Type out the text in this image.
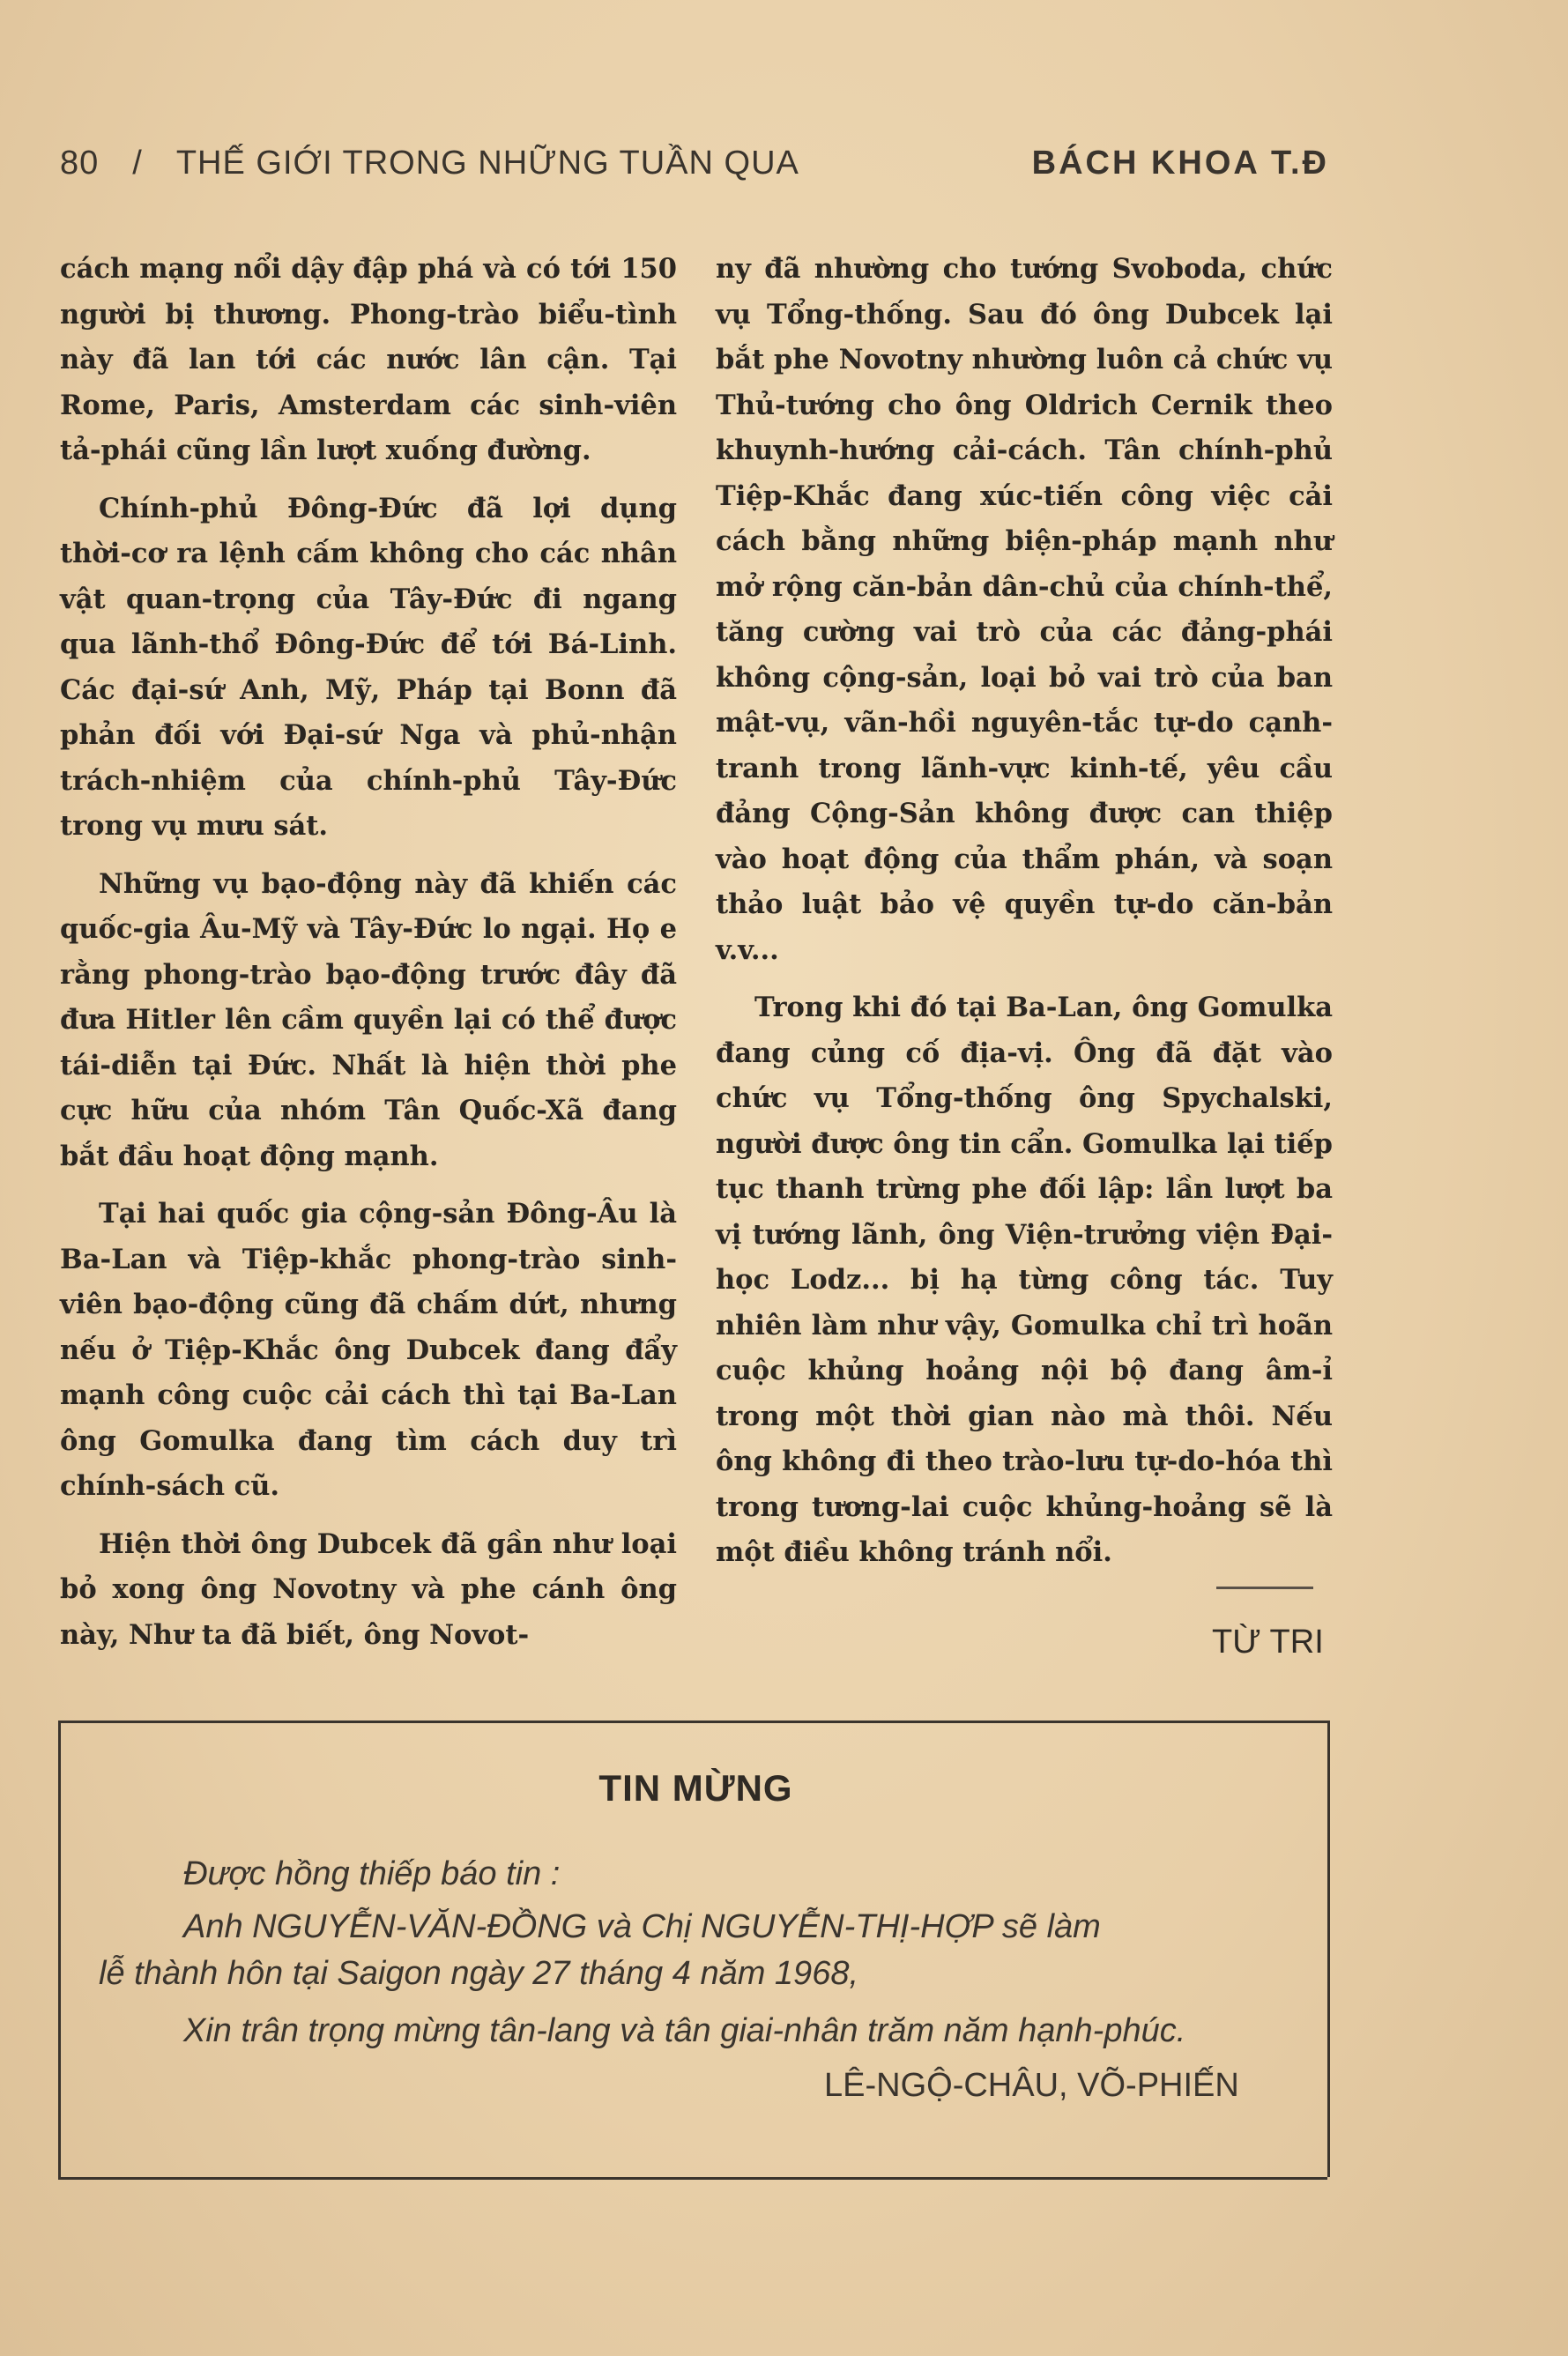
80 / THẾ GIỚI TRONG NHỮNG TUẦN QUA	BÁCH KHOA T.Đ

cách mạng nổi dậy đập phá và có tới 150 người bị thương. Phong-trào biểu-tình này đã lan tới các nước lân cận. Tại Rome, Paris, Amsterdam các sinh-viên tả-phái cũng lần lượt xuống đường.

Chính-phủ Đông-Đức đã lợi dụng thời-cơ ra lệnh cấm không cho các nhân vật quan-trọng của Tây-Đức đi ngang qua lãnh-thổ Đông-Đức để tới Bá-Linh. Các đại-sứ Anh, Mỹ, Pháp tại Bonn đã phản đối với Đại-sứ Nga và phủ-nhận trách-nhiệm của chính-phủ Tây-Đức trong vụ mưu sát.

Những vụ bạo-động này đã khiến các quốc-gia Âu-Mỹ và Tây-Đức lo ngại. Họ e rằng phong-trào bạo-động trước đây đã đưa Hitler lên cầm quyền lại có thể được tái-diễn tại Đức. Nhất là hiện thời phe cực hữu của nhóm Tân Quốc-Xã đang bắt đầu hoạt động mạnh.

Tại hai quốc gia cộng-sản Đông-Âu là Ba-Lan và Tiệp-khắc phong-trào sinh-viên bạo-động cũng đã chấm dứt, nhưng nếu ở Tiệp-Khắc ông Dubcek đang đẩy mạnh công cuộc cải cách thì tại Ba-Lan ông Gomulka đang tìm cách duy trì chính-sách cũ.

Hiện thời ông Dubcek đã gần như loại bỏ xong ông Novotny và phe cánh ông này, Như ta đã biết, ông Novot-

ny đã nhường cho tướng Svoboda, chức vụ Tổng-thống. Sau đó ông Dubcek lại bắt phe Novotny nhường luôn cả chức vụ Thủ-tướng cho ông Oldrich Cernik theo khuynh-hướng cải-cách. Tân chính-phủ Tiệp-Khắc đang xúc-tiến công việc cải cách bằng những biện-pháp mạnh như mở rộng căn-bản dân-chủ của chính-thể, tăng cường vai trò của các đảng-phái không cộng-sản, loại bỏ vai trò của ban mật-vụ, vãn-hồi nguyên-tắc tự-do cạnh-tranh trong lãnh-vực kinh-tế, yêu cầu đảng Cộng-Sản không được can thiệp vào hoạt động của thẩm phán, và soạn thảo luật bảo vệ quyền tự-do căn-bản v.v...

Trong khi đó tại Ba-Lan, ông Gomulka đang củng cố địa-vị. Ông đã đặt vào chức vụ Tổng-thống ông Spychalski, người được ông tin cẩn. Gomulka lại tiếp tục thanh trừng phe đối lập: lần lượt ba vị tướng lãnh, ông Viện-trưởng viện Đại-học Lodz... bị hạ từng công tác. Tuy nhiên làm như vậy, Gomulka chỉ trì hoãn cuộc khủng hoảng nội bộ đang âm-ỉ trong một thời gian nào mà thôi. Nếu ông không đi theo trào-lưu tự-do-hóa thì trong tương-lai cuộc khủng-hoảng sẽ là một điều không tránh nổi.

TỪ TRI
TIN MỪNG
Được hồng thiếp báo tin :
Anh NGUYỄN-VĂN-ĐỒNG và Chị NGUYỄN-THỊ-HỢP sẽ làm
lễ thành hôn tại Saigon ngày 27 tháng 4 năm 1968,
Xin trân trọng mừng tân-lang và tân giai-nhân trăm năm hạnh-phúc.
LÊ-NGỘ-CHÂU, VÕ-PHIẾN
